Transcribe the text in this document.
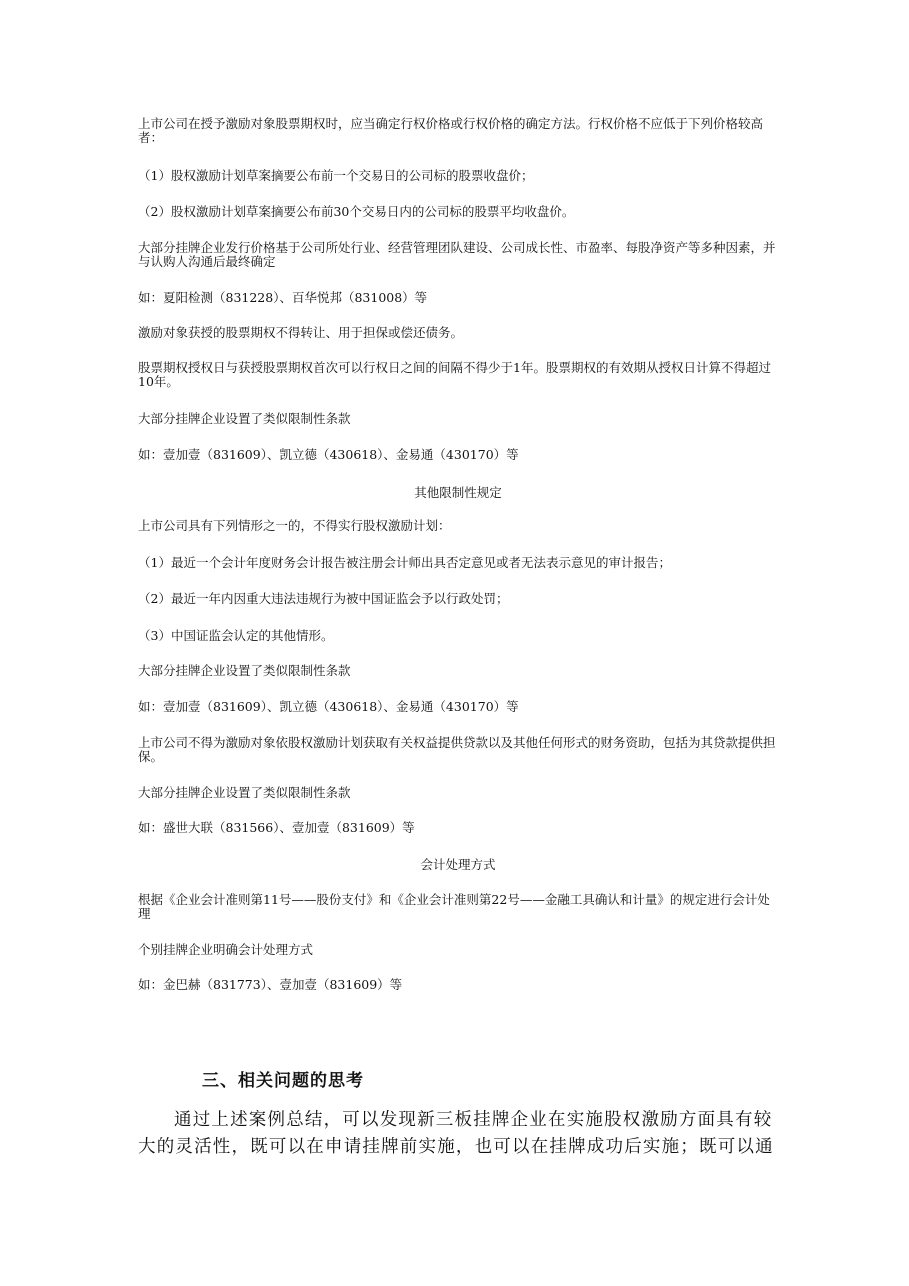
上市公司在授予激励对象股票期权时，应当确定行权价格或行权价格的确定方法。行权价格不应低于下列价格较高者：
（1）股权激励计划草案摘要公布前一个交易日的公司标的股票收盘价；
（2）股权激励计划草案摘要公布前30个交易日内的公司标的股票平均收盘价。
大部分挂牌企业发行价格基于公司所处行业、经营管理团队建设、公司成长性、市盈率、每股净资产等多种因素，并与认购人沟通后最终确定
如：夏阳检测（831228）、百华悦邦（831008）等
激励对象获授的股票期权不得转让、用于担保或偿还债务。
股票期权授权日与获授股票期权首次可以行权日之间的间隔不得少于1年。股票期权的有效期从授权日计算不得超过10年。
大部分挂牌企业设置了类似限制性条款
如：壹加壹（831609）、凯立德（430618）、金易通（430170）等
其他限制性规定
上市公司具有下列情形之一的，不得实行股权激励计划：
（1）最近一个会计年度财务会计报告被注册会计师出具否定意见或者无法表示意见的审计报告；
（2）最近一年内因重大违法违规行为被中国证监会予以行政处罚；
（3）中国证监会认定的其他情形。
大部分挂牌企业设置了类似限制性条款
如：壹加壹（831609）、凯立德（430618）、金易通（430170）等
上市公司不得为激励对象依股权激励计划获取有关权益提供贷款以及其他任何形式的财务资助，包括为其贷款提供担保。
大部分挂牌企业设置了类似限制性条款
如：盛世大联（831566）、壹加壹（831609）等
会计处理方式
根据《企业会计准则第11号——股份支付》和《企业会计准则第22号——金融工具确认和计量》的规定进行会计处理
个别挂牌企业明确会计处理方式
如：金巴赫（831773）、壹加壹（831609）等
三、相关问题的思考
通过上述案例总结，可以发现新三板挂牌企业在实施股权激励方面具有较大的灵活性，既可以在申请挂牌前实施，也可以在挂牌成功后实施；既可以通
